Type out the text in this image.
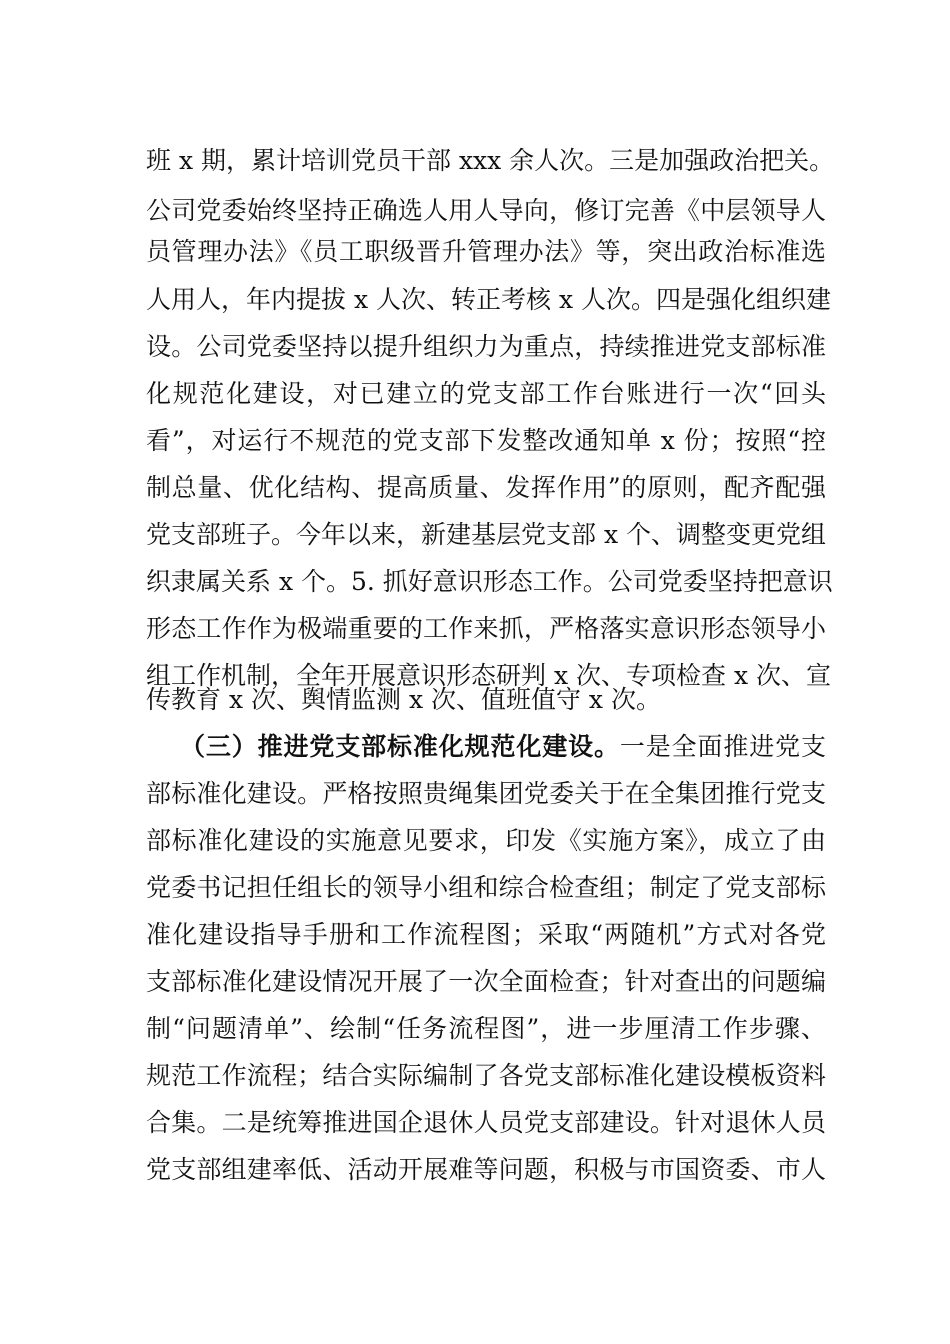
班 x 期，累计培训党员干部 xxx 余人次。三是加强政治把关。
公司党委始终坚持正确选人用人导向，修订完善《中层领导人
员管理办法》《员工职级晋升管理办法》等，突出政治标准选
人用人，年内提拔 x 人次、转正考核 x 人次。四是强化组织建
设。公司党委坚持以提升组织力为重点，持续推进党支部标准
化规范化建设，对已建立的党支部工作台账进行一次“回头
看”，对运行不规范的党支部下发整改通知单 x 份；按照“控
制总量、优化结构、提高质量、发挥作用”的原则，配齐配强
党支部班子。今年以来，新建基层党支部 x 个、调整变更党组
织隶属关系 x 个。5. 抓好意识形态工作。公司党委坚持把意识
形态工作作为极端重要的工作来抓，严格落实意识形态领导小
组工作机制，全年开展意识形态研判 x 次、专项检查 x 次、宣
传教育 x 次、舆情监测 x 次、值班值守 x 次。
（三）推进党支部标准化规范化建设。一是全面推进党支
部标准化建设。严格按照贵绳集团党委关于在全集团推行党支
部标准化建设的实施意见要求，印发《实施方案》，成立了由
党委书记担任组长的领导小组和综合检查组；制定了党支部标
准化建设指导手册和工作流程图；采取“两随机”方式对各党
支部标准化建设情况开展了一次全面检查；针对查出的问题编
制“问题清单”、绘制“任务流程图”，进一步厘清工作步骤、
规范工作流程；结合实际编制了各党支部标准化建设模板资料
合集。二是统筹推进国企退休人员党支部建设。针对退休人员
党支部组建率低、活动开展难等问题，积极与市国资委、市人
